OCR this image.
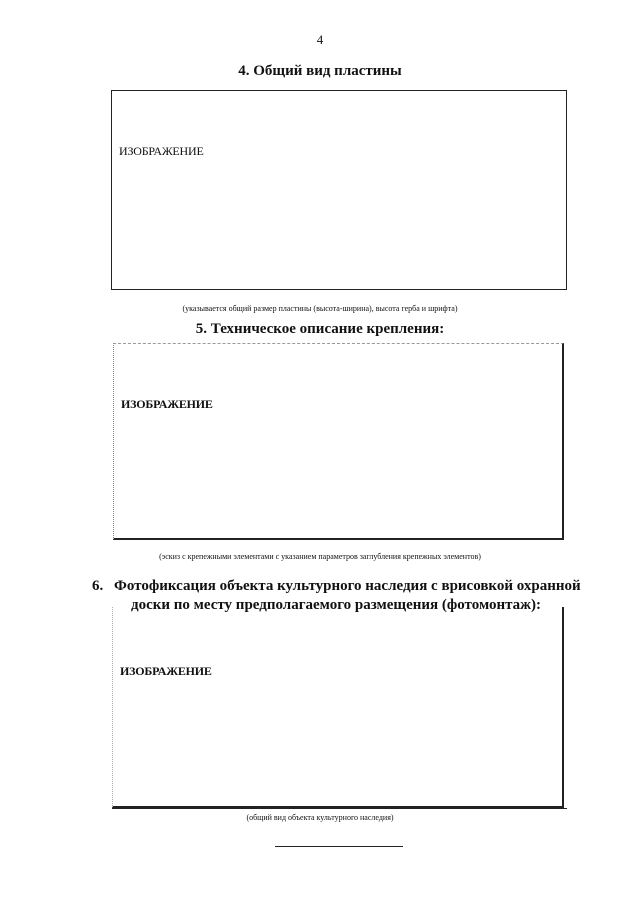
4
4. Общий вид пластины
ИЗОБРАЖЕНИЕ
(указывается общий размер пластины (высота-ширина), высота герба и шрифта)
5. Техническое описание крепления:
ИЗОБРАЖЕНИЕ
(эскиз с крепежными элементами с указанием параметров заглубления крепежных элементов)
6. Фотофиксация объекта культурного наследия с врисовкой охранной
доски по месту предполагаемого размещения (фотомонтаж):
ИЗОБРАЖЕНИЕ
(общий вид объекта культурного наследия)
